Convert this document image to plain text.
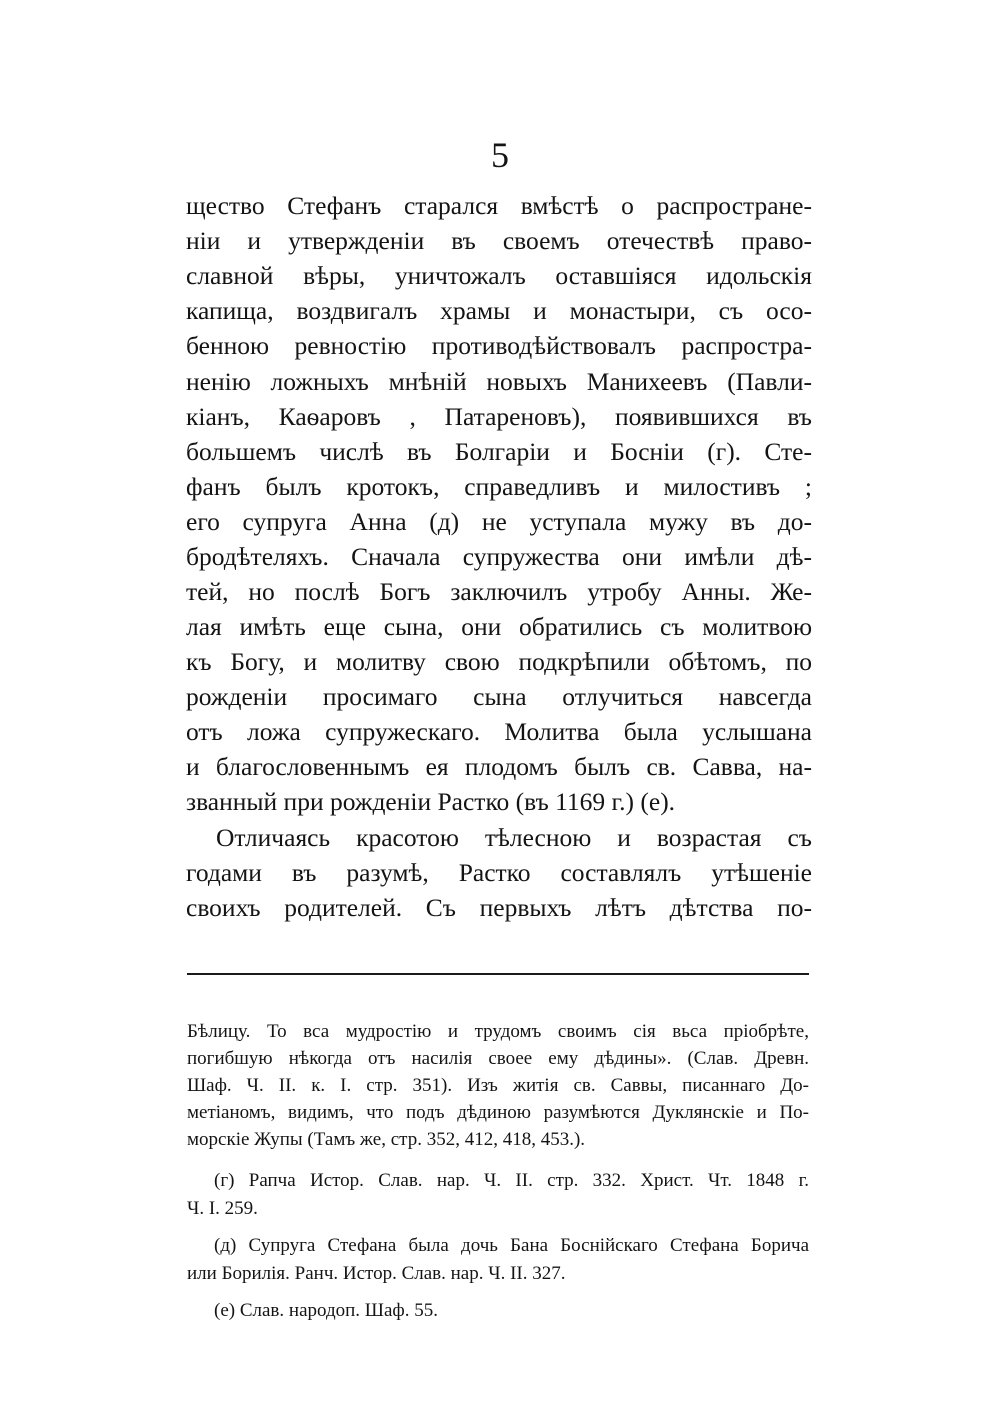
5
щество Стефанъ старался вмѣстѣ о распростране-
нiи и утвержденiи въ своемъ отечествѣ право-
славной вѣры, уничтожалъ оставшiяся идольскiя
капища, воздвигалъ храмы и монастыри, съ осо-
бенною ревностiю противодѣйствовалъ распростра-
ненiю ложныхъ мнѣнiй новыхъ Манихеевъ (Павли-
кiанъ, Каѳаровъ , Патареновъ), появившихся въ
большемъ числѣ въ Болгарiи и Боснiи (г). Сте-
фанъ былъ кротокъ, справедливъ и милостивъ ;
его супруга Анна (д) не уступала мужу въ до-
бродѣтеляхъ. Сначала супружества они имѣли дѣ-
тей, но послѣ Богъ заключилъ утробу Анны. Же-
лая имѣть еще сына, они обратились съ молитвою
къ Богу, и молитву свою подкрѣпили обѣтомъ, по
рожденiи просимаго сына отлучиться навсегда
отъ ложа супружескаго. Молитва была услышана
и благословеннымъ ея плодомъ былъ св. Савва, на-
званный при рожденiи Растко (въ 1169 г.) (е).
Отличаясь красотою тѣлесною и возрастая съ
годами въ разумѣ, Растко составлялъ утѣшенiе
своихъ родителей. Съ первыхъ лѣтъ дѣтства по-
Бѣлицу. То вса мудростiю и трудомъ своимъ сiя вьса прiобрѣте,
погибшую нѣкогда отъ насилiя своее ему дѣдины». (Слав. Древн.
Шаф. Ч. II. к. I. стр. 351). Изъ житiя св. Саввы, писаннаго До-
метiаномъ, видимъ, что подъ дѣдиною разумѣются Дуклянскiе и По-
морскiе Жупы (Тамъ же, стр. 352, 412, 418, 453.).
(г) Рапча Истор. Слав. нар. Ч. II. стр. 332. Христ. Чт. 1848 г.
Ч. I. 259.
(д) Супруга Стефана была дочь Бана Боснiйскаго Стефана Борича
или Борилiя. Ранч. Истор. Слав. нар. Ч. II. 327.
(е) Слав. народоп. Шаф. 55.
